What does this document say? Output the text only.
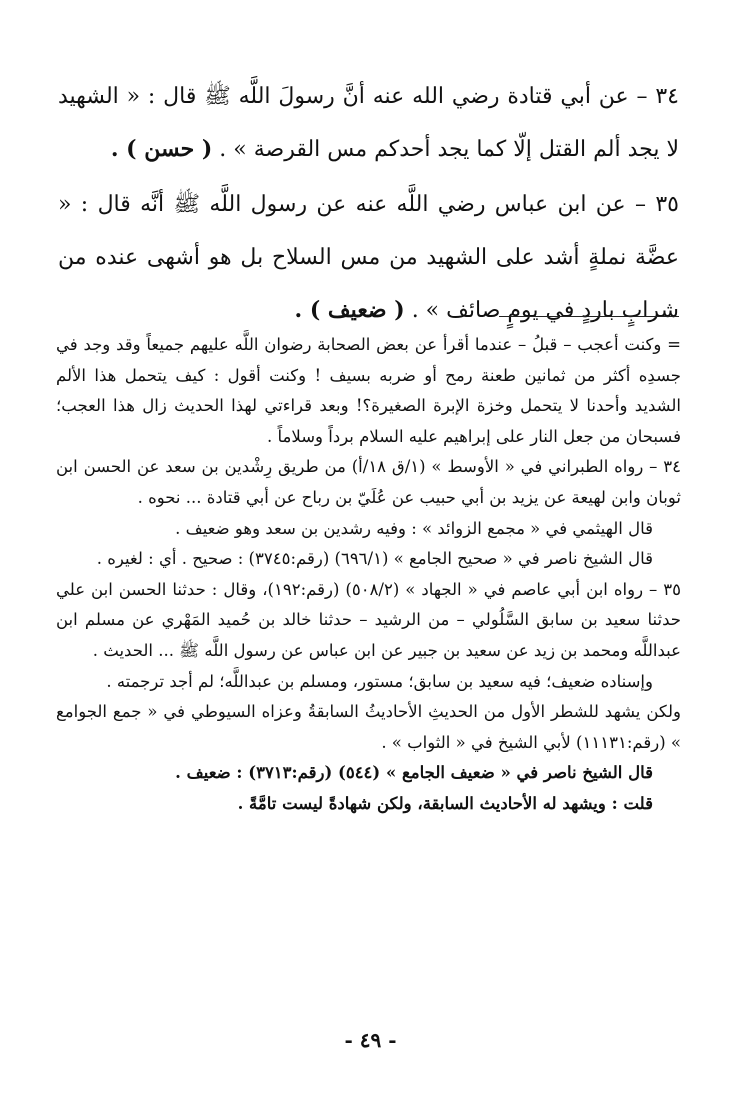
٣٤ – عن أبي قتادة رضي الله عنه أنَّ رسولَ اللَّه ﷺ قال : « الشهيد لا يجد ألم القتل إلّا كما يجد أحدكم مس القرصة » . ( حسن ) .

٣٥ – عن ابن عباس رضي اللَّه عنه عن رسول اللَّه ﷺ أنَّه قال : « عضَّة نملةٍ أشد على الشهيد من مس السلاح بل هو أشهى عنده من شرابٍ باردٍ في يومٍ صائف » . ( ضعيف ) .

= وكنت أعجب – قبلُ – عندما أقرأ عن بعض الصحابة رضوان اللَّه عليهم جميعاً وقد وجد في جسدِه أكثر من ثمانين طعنة رمح أو ضربه بسيف ! وكنت أقول : كيف يتحمل هذا الألم الشديد وأحدنا لا يتحمل وخزة الإبرة الصغيرة؟! وبعد قراءتي لهذا الحديث زال هذا العجب؛ فسبحان من جعل النار على إبراهيم عليه السلام برداً وسلاماً .

٣٤ – رواه الطبراني في « الأوسط » (١/ق ١٨/أ) من طريق رِشْدين بن سعد عن الحسن ابن ثوبان وابن لهيعة عن يزيد بن أبي حبيب عن عُلَيّ بن رباح عن أبي قتادة ... نحوه .

قال الهيثمي في « مجمع الزوائد » : وفيه رشدين بن سعد وهو ضعيف .

قال الشيخ ناصر في « صحيح الجامع » (٦٩٦/١) (رقم:٣٧٤٥) : صحيح . أي : لغيره .

٣٥ – رواه ابن أبي عاصم في « الجهاد » (٥٠٨/٢) (رقم:١٩٢)، وقال : حدثنا الحسن ابن علي حدثنا سعيد بن سابق السَّلُولي – من الرشيد – حدثنا خالد بن حُميد المَهْري عن مسلم ابن عبداللَّه ومحمد بن زيد عن سعيد بن جبير عن ابن عباس عن رسول اللَّه ﷺ ... الحديث .

وإسناده ضعيف؛ فيه سعيد بن سابق؛ مستور، ومسلم بن عبداللَّه؛ لم أجد ترجمته .

ولكن يشهد للشطر الأول من الحديثِ الأحاديثُ السابقةُ وعزاه السيوطي في « جمع الجوامع » (رقم:١١١٣١) لأبي الشيخ في « الثواب » .

قال الشيخ ناصر في « ضعيف الجامع » (٥٤٤) (رقم:٣٧١٣) : ضعيف .

قلت : ويشهد له الأحاديث السابقة، ولكن شهادةً ليست تامَّةً .

- ٤٩ -
